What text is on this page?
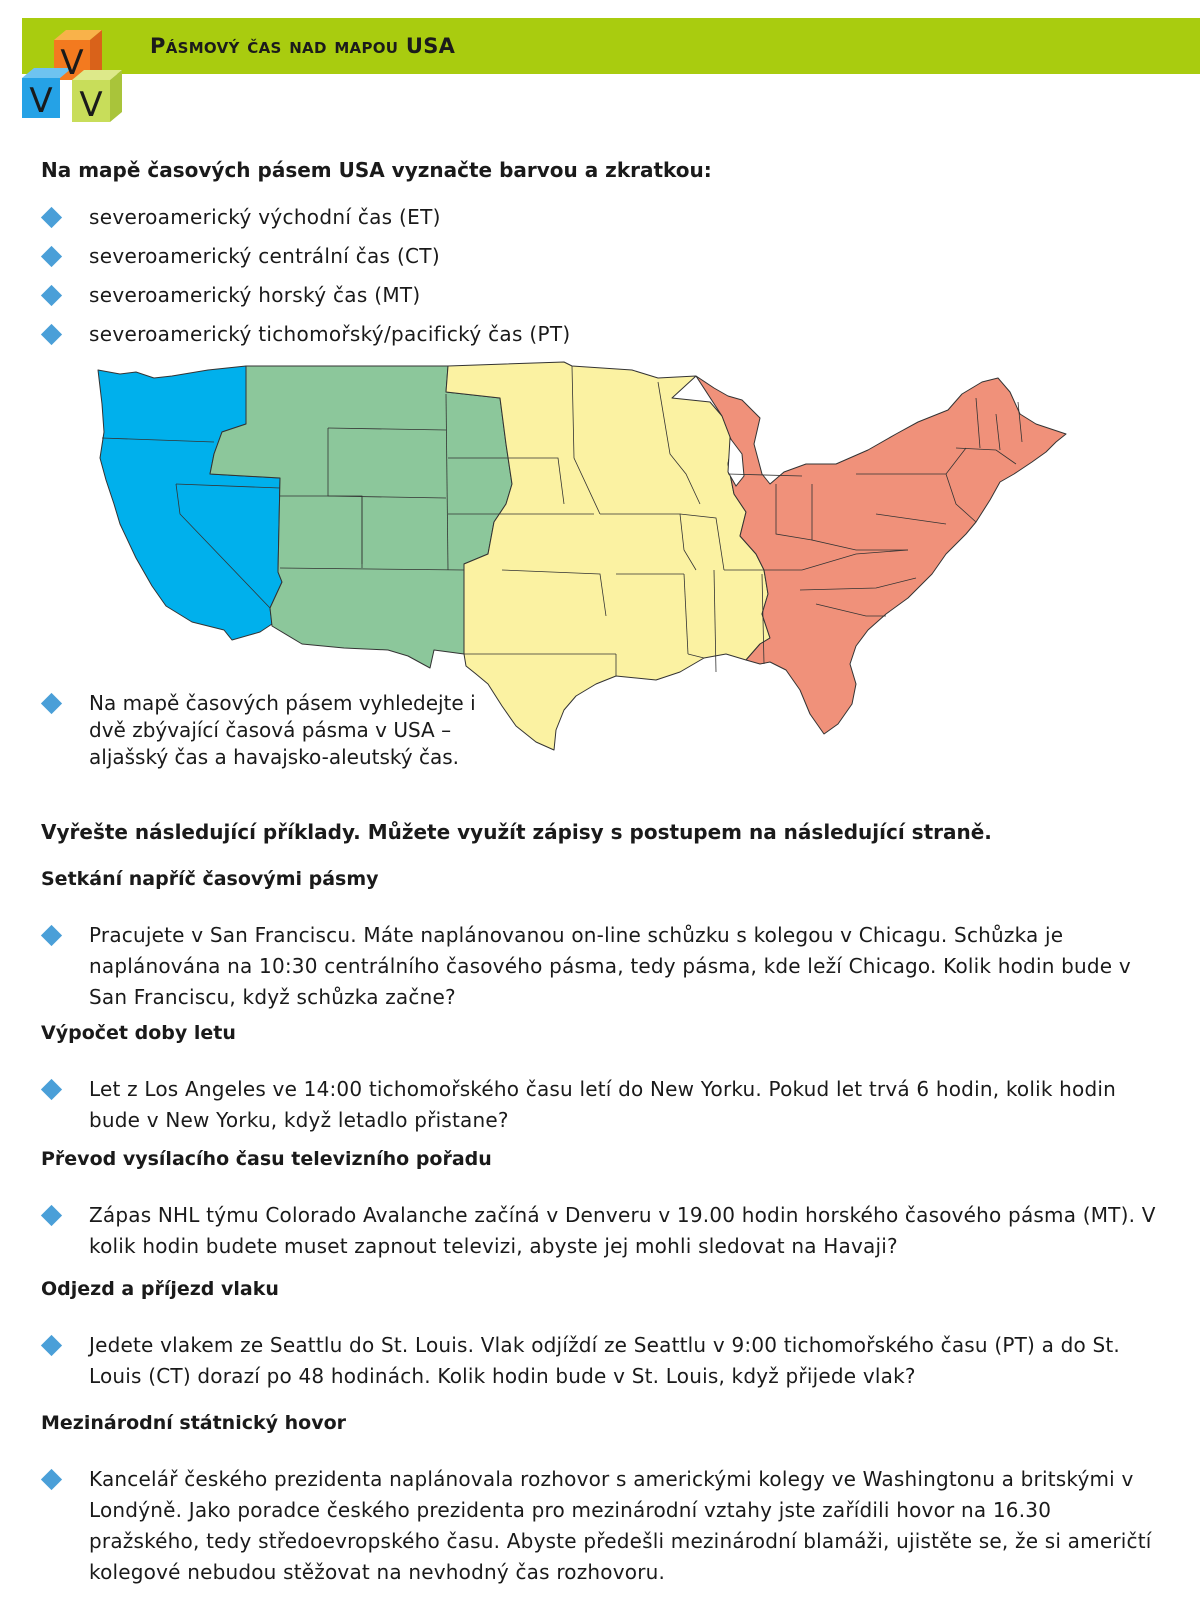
Pásmový čas nad mapou USA
V
V V
Na mapě časových pásem USA vyznačte barvou a zkratkou:
severoamerický východní čas (ET)
severoamerický centrální čas (CT)
severoamerický horský čas (MT)
severoamerický tichomořský/pacifický čas (PT)
Na mapě časových pásem vyhledejte i dvě zbývající časová pásma v USA – aljašský čas a havajsko-aleutský čas.
Vyřešte následující příklady. Můžete využít zápisy s postupem na následující straně.
Setkání napříč časovými pásmy
Pracujete v San Franciscu. Máte naplánovanou on-line schůzku s kolegou v Chicagu. Schůzka je naplánována na 10:30 centrálního časového pásma, tedy pásma, kde leží Chicago. Kolik hodin bude v San Franciscu, když schůzka začne?
Výpočet doby letu
Let z Los Angeles ve 14:00 tichomořského času letí do New Yorku. Pokud let trvá 6 hodin, kolik hodin bude v New Yorku, když letadlo přistane?
Převod vysílacího času televizního pořadu
Zápas NHL týmu Colorado Avalanche začíná v Denveru v 19.00 hodin horského časového pásma (MT). V kolik hodin budete muset zapnout televizi, abyste jej mohli sledovat na Havaji?
Odjezd a příjezd vlaku
Jedete vlakem ze Seattlu do St. Louis. Vlak odjíždí ze Seattlu v 9:00 tichomořského času (PT) a do St. Louis (CT) dorazí po 48 hodinách. Kolik hodin bude v St. Louis, když přijede vlak?
Mezinárodní státnický hovor
Kancelář českého prezidenta naplánovala rozhovor s americkými kolegy ve Washingtonu a britskými v Londýně. Jako poradce českého prezidenta pro mezinárodní vztahy jste zařídili hovor na 16.30 pražského, tedy středoevropského času. Abyste předešli mezinárodní blamáži, ujistěte se, že si američtí kolegové nebudou stěžovat na nevhodný čas rozhovoru.
